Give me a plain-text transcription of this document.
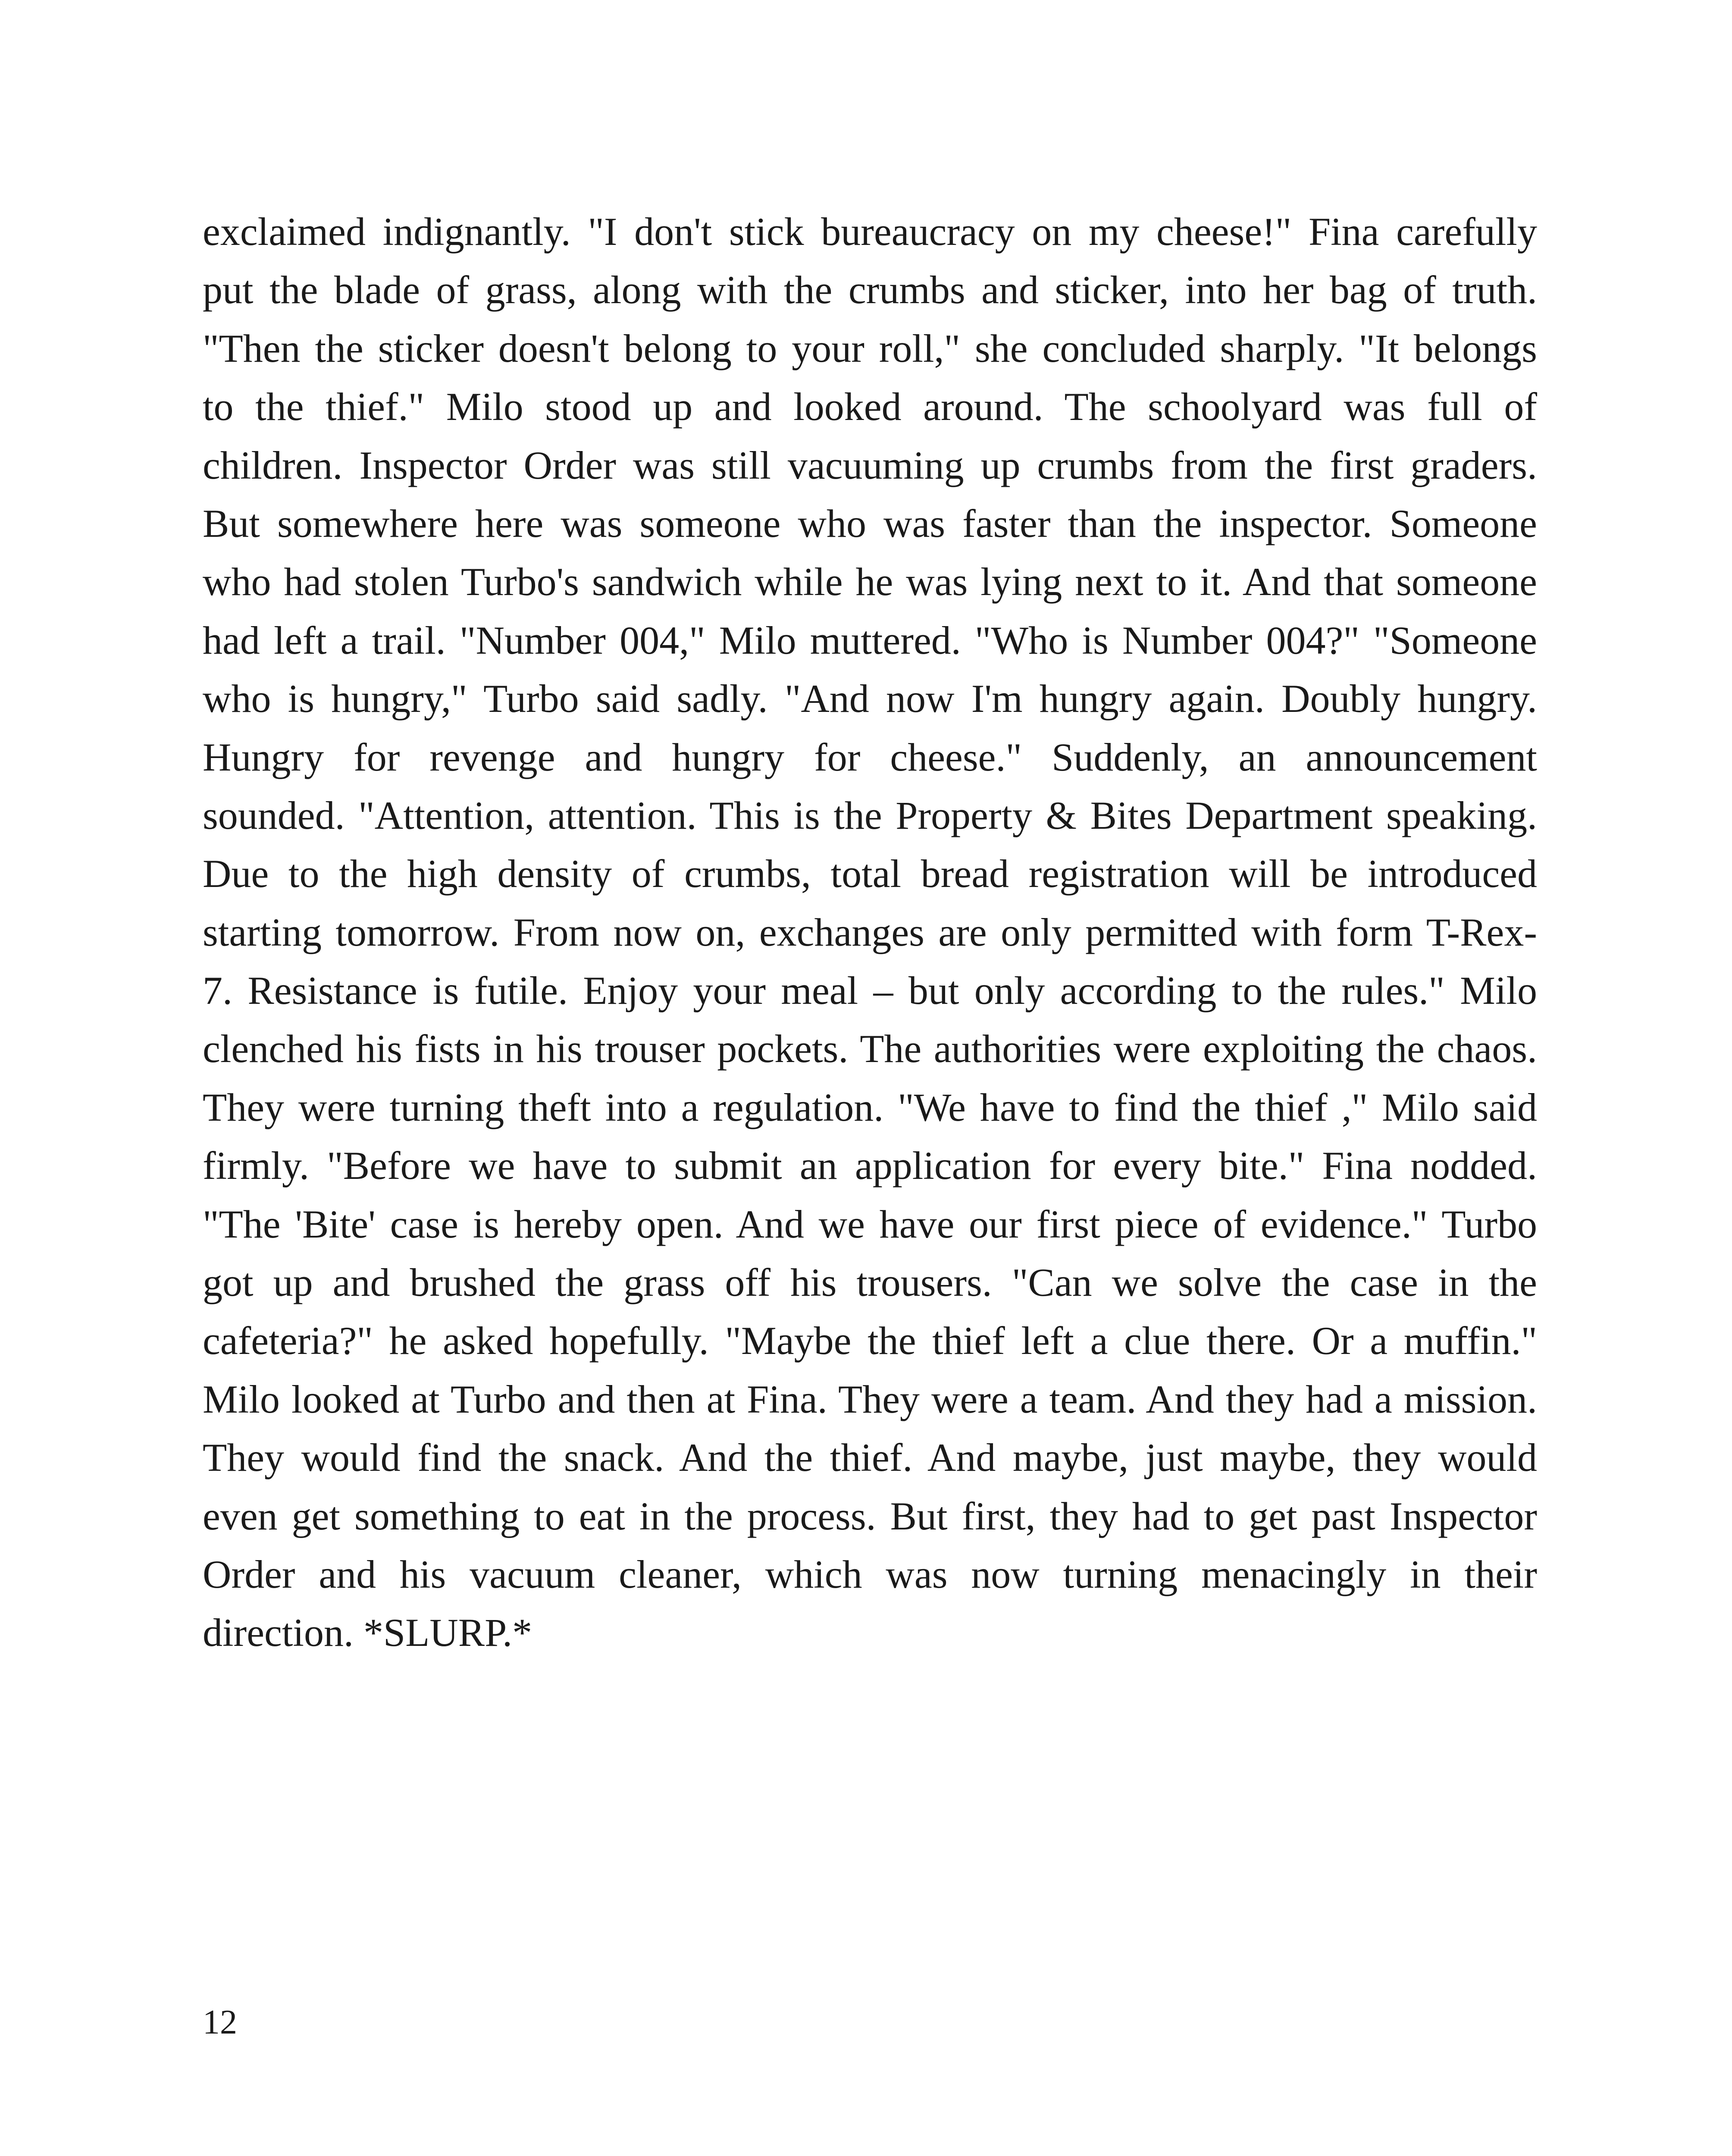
exclaimed indignantly. "I don't stick bureaucracy on my cheese!" Fina carefully
put the blade of grass, along with the crumbs and sticker, into her bag of truth.
"Then the sticker doesn't belong to your roll," she concluded sharply. "It belongs
to the thief." Milo stood up and looked around. The schoolyard was full of
children. Inspector Order was still vacuuming up crumbs from the first graders.
But somewhere here was someone who was faster than the inspector. Someone
who had stolen Turbo's sandwich while he was lying next to it. And that someone
had left a trail. "Number 004," Milo muttered. "Who is Number 004?" "Someone
who is hungry," Turbo said sadly. "And now I'm hungry again. Doubly hungry.
Hungry for revenge and hungry for cheese." Suddenly, an announcement
sounded. "Attention, attention. This is the Property & Bites Department speaking.
Due to the high density of crumbs, total bread registration will be introduced
starting tomorrow. From now on, exchanges are only permitted with form T-Rex-
7. Resistance is futile. Enjoy your meal – but only according to the rules." Milo
clenched his fists in his trouser pockets. The authorities were exploiting the chaos.
They were turning theft into a regulation. "We have to find the thief ," Milo said
firmly. "Before we have to submit an application for every bite." Fina nodded.
"The 'Bite' case is hereby open. And we have our first piece of evidence." Turbo
got up and brushed the grass off his trousers. "Can we solve the case in the
cafeteria?" he asked hopefully. "Maybe the thief left a clue there. Or a muffin."
Milo looked at Turbo and then at Fina. They were a team. And they had a mission.
They would find the snack. And the thief. And maybe, just maybe, they would
even get something to eat in the process. But first, they had to get past Inspector
Order and his vacuum cleaner, which was now turning menacingly in their
direction. *SLURP.*
12
